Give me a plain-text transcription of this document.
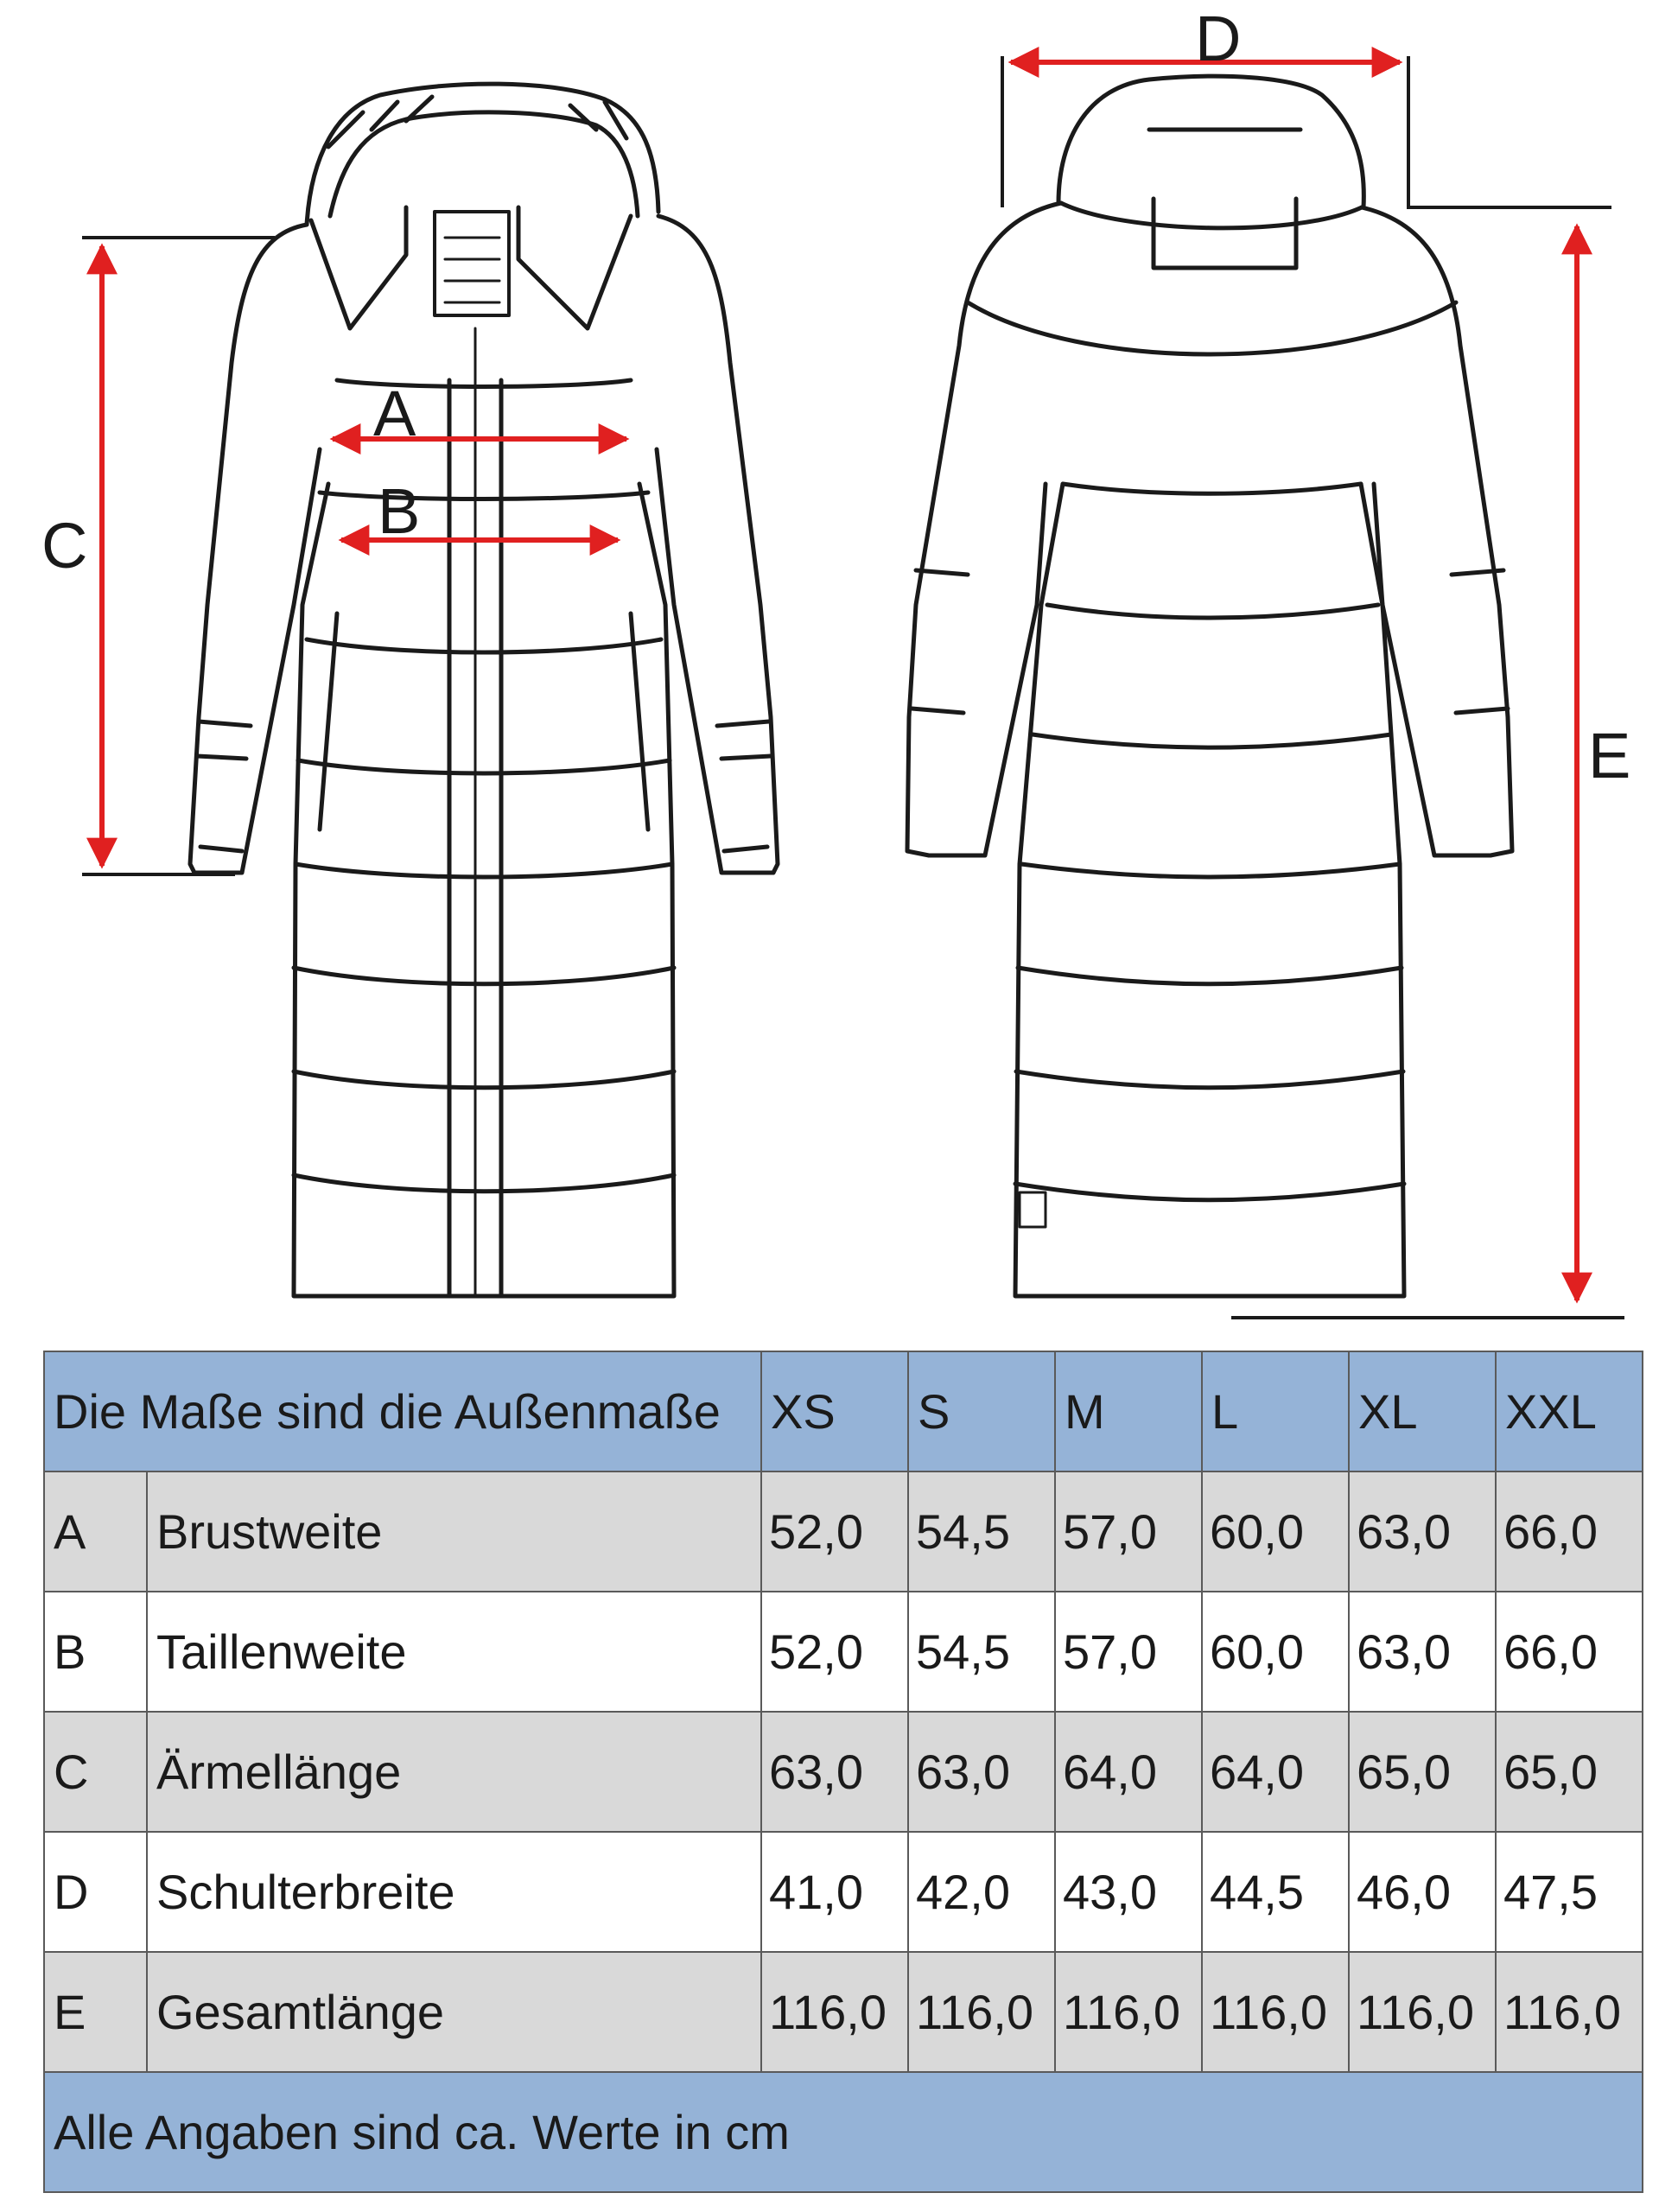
A
B
C
D
E
Die Maße sind die Außenmaße		XS	S	M	L	XL	XXL
A	Brustweite	52,0	54,5	57,0	60,0	63,0	66,0
B	Taillenweite	52,0	54,5	57,0	60,0	63,0	66,0
C	Ärmellänge	63,0	63,0	64,0	64,0	65,0	65,0
D	Schulterbreite	41,0	42,0	43,0	44,5	46,0	47,5
E	Gesamtlänge	116,0	116,0	116,0	116,0	116,0	116,0
Alle Angaben sind ca. Werte in cm							
